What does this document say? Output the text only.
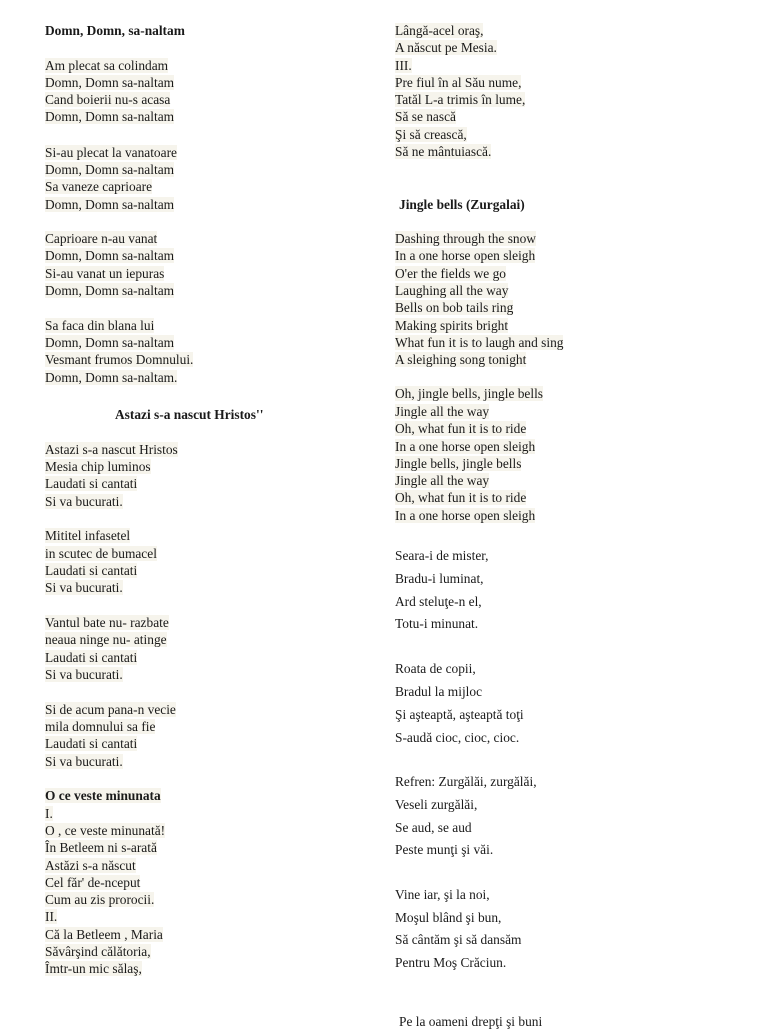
Domn, Domn, sa-naltam
Am plecat sa colindam
Domn, Domn sa-naltam
Cand boierii nu-s acasa
Domn, Domn sa-naltam
Si-au plecat la vanatoare
Domn, Domn sa-naltam
Sa vaneze caprioare
Domn, Domn sa-naltam
Caprioare n-au vanat
Domn, Domn sa-naltam
Si-au vanat un iepuras
Domn, Domn sa-naltam
Sa faca din blana lui
Domn, Domn sa-naltam
Vesmant frumos Domnului.
Domn, Domn sa-naltam.
Astazi s-a nascut Hristos''
Astazi s-a nascut Hristos
Mesia chip luminos
Laudati si cantati
Si va bucurati.
Mititel infasetel
in scutec de bumacel
Laudati si cantati
Si va bucurati.
Vantul bate nu- razbate
neaua ninge nu- atinge
Laudati si cantati
Si va bucurati.
Si de acum pana-n vecie
mila domnului sa fie
Laudati si cantati
Si va bucurati.
O ce veste minunata
I.
O , ce veste minunată!
În Betleem ni s-arată
Astăzi s-a născut
Cel făr' de-nceput
Cum au zis prorocii.
II.
Că la Betleem , Maria
Săvârşind călătoria,
Îmtr-un mic sălaş,
Lângă-acel oraş,
A născut pe Mesia.
III.
Pre fiul în al Său nume,
Tatăl L-a trimis în lume,
Să se nască
Şi să crească,
Să ne mântuiască.
Jingle bells (Zurgalai)
Dashing through the snow
In a one horse open sleigh
O'er the fields we go
Laughing all the way
Bells on bob tails ring
Making spirits bright
What fun it is to laugh and sing
A sleighing song tonight
Oh, jingle bells, jingle bells
Jingle all the way
Oh, what fun it is to ride
In a one horse open sleigh
Jingle bells, jingle bells
Jingle all the way
Oh, what fun it is to ride
In a one horse open sleigh
Seara-i de mister,
Bradu-i luminat,
Ard steluţe-n el,
Totu-i minunat.
Roata de copii,
Bradul la mijloc
Şi aşteaptă, aşteaptă toţi
S-audă cioc, cioc, cioc.
Refren: Zurgălăi, zurgălăi,
Veseli zurgălăi,
Se aud, se aud
Peste munţi şi văi.
Vine iar, şi la noi,
Moşul blând şi bun,
Să cântăm şi să dansăm
Pentru Moş Crăciun.
Pe la oameni drepţi şi buni
